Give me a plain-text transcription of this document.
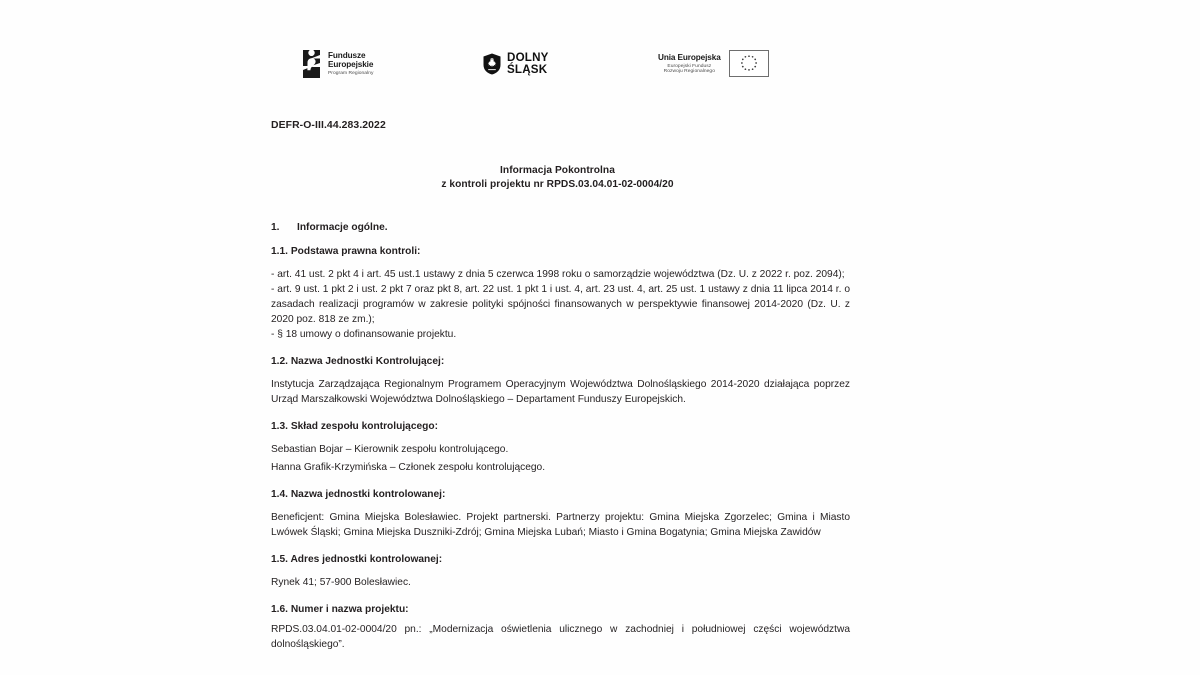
Fundusze
Europejskie
Program Regionalny
DOLNY
ŚLĄSK
Unia Europejska
Europejski Fundusz
Rozwoju Regionalnego
DEFR-O-III.44.283.2022
Informacja Pokontrolna
z kontroli projektu nr RPDS.03.04.01-02-0004/20
1.	Informacje ogólne.
1.1. Podstawa prawna kontroli:
- art. 41 ust. 2 pkt 4 i art. 45 ust.1 ustawy z dnia 5 czerwca 1998 roku o samorządzie województwa (Dz. U. z 2022 r. poz. 2094);
- art. 9 ust. 1 pkt 2 i ust. 2 pkt 7 oraz pkt 8, art. 22 ust. 1 pkt 1 i ust. 4, art. 23 ust. 4, art. 25 ust. 1 ustawy z dnia 11 lipca 2014 r. o zasadach realizacji programów w zakresie polityki spójności finansowanych w perspektywie finansowej 2014-2020 (Dz. U. z 2020 poz. 818 ze zm.);
- § 18 umowy o dofinansowanie projektu.
1.2. Nazwa Jednostki Kontrolującej:
Instytucja Zarządzająca Regionalnym Programem Operacyjnym Województwa Dolnośląskiego 2014-2020 działająca poprzez Urząd Marszałkowski Województwa Dolnośląskiego – Departament Funduszy Europejskich.
1.3. Skład zespołu kontrolującego:
Sebastian Bojar – Kierownik zespołu kontrolującego.
Hanna Grafik-Krzymińska – Członek zespołu kontrolującego.
1.4. Nazwa jednostki kontrolowanej:
Beneficjent: Gmina Miejska Bolesławiec. Projekt partnerski. Partnerzy projektu: Gmina Miejska Zgorzelec; Gmina i Miasto Lwówek Śląski; Gmina Miejska Duszniki-Zdrój; Gmina Miejska Lubań; Miasto i Gmina Bogatynia; Gmina Miejska Zawidów
1.5. Adres jednostki kontrolowanej:
Rynek 41; 57-900 Bolesławiec.
1.6. Numer i nazwa projektu:
RPDS.03.04.01-02-0004/20 pn.: „Modernizacja oświetlenia ulicznego w zachodniej i południowej części województwa dolnośląskiego”.
